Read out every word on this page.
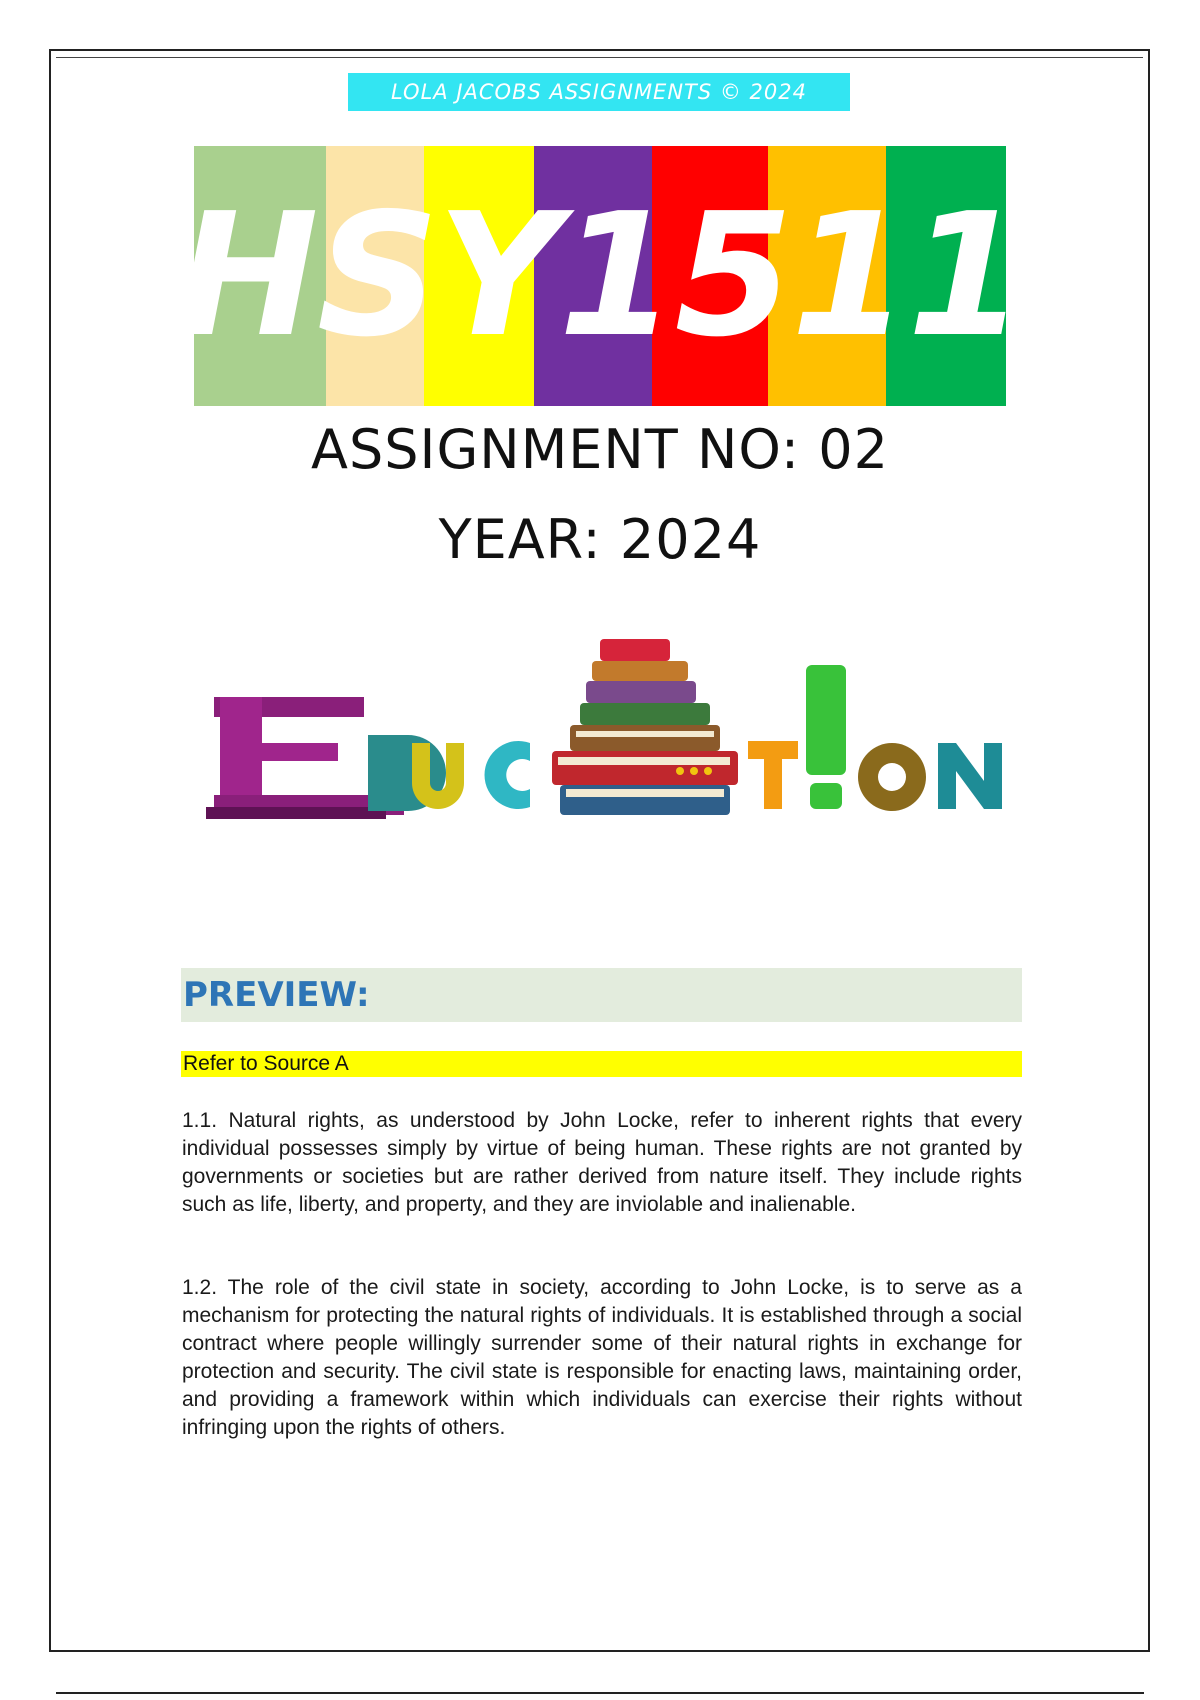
LOLA JACOBS ASSIGNMENTS © 2024
HSY1511
ASSIGNMENT NO: 02
YEAR: 2024
PREVIEW:
Refer to Source A

1.1. Natural rights, as understood by John Locke, refer to inherent rights that every individual possesses simply by virtue of being human. These rights are not granted by governments or societies but are rather derived from nature itself. They include rights such as life, liberty, and property, and they are inviolable and inalienable.

1.2. The role of the civil state in society, according to John Locke, is to serve as a mechanism for protecting the natural rights of individuals. It is established through a social contract where people willingly surrender some of their natural rights in exchange for protection and security. The civil state is responsible for enacting laws, maintaining order, and providing a framework within which individuals can exercise their rights without infringing upon the rights of others.
